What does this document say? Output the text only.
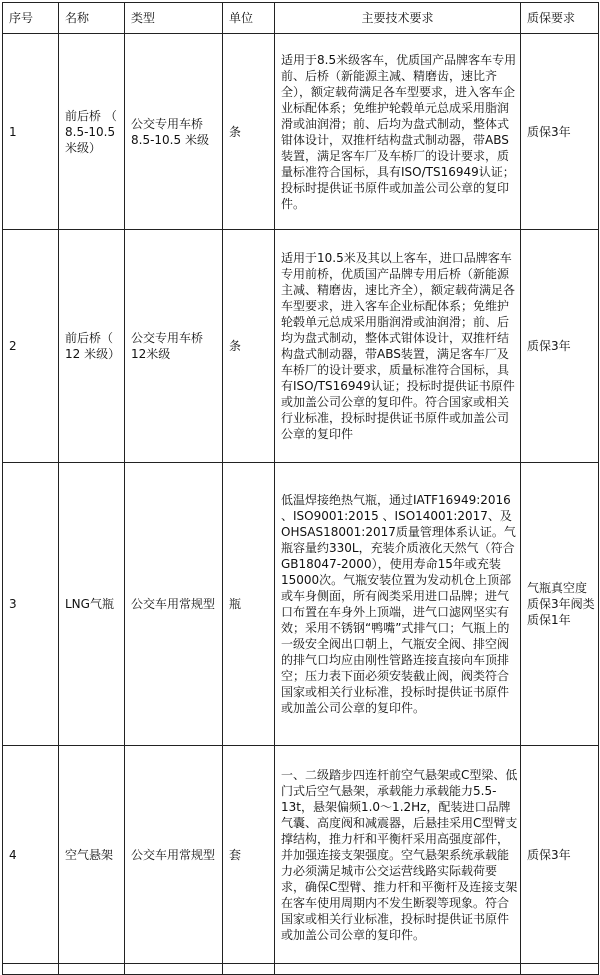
序号	名称	类型	单位	主要技术要求	质保要求
1	前后桥 （ 8.5-10.5 米级）	公交专用车桥 8.5-10.5 米级	条	适用于8.5米级客车，优质国产品牌客车专用前、后桥（新能源主减、精磨齿，速比齐全），额定载荷满足各车型要求，进入客车企业标配体系；免维护轮毂单元总成采用脂润滑或油润滑；前、后均为盘式制动，整体式钳体设计，双推杆结构盘式制动器，带ABS装置，满足客车厂及车桥厂的设计要求，质量标准符合国标，具有ISO/TS16949认证；投标时提供证书原件或加盖公司公章的复印件。	质保3年
2	前后桥（ 12 米级）	公交专用车桥 12米级	条	适用于10.5米及其以上客车，进口品牌客车专用前桥，优质国产品牌专用后桥（新能源主减、精磨齿，速比齐全），额定载荷满足各车型要求，进入客车企业标配体系；免维护轮毂单元总成采用脂润滑或油润滑；前、后均为盘式制动，整体式钳体设计，双推杆结构盘式制动器，带ABS装置，满足客车厂及车桥厂的设计要求，质量标准符合国标，具有ISO/TS16949认证；投标时提供证书原件或加盖公司公章的复印件。符合国家或相关行业标准，投标时提供证书原件或加盖公司公章的复印件	质保3年
3	LNG气瓶	公交车用常规型	瓶	低温焊接绝热气瓶，通过IATF16949:2016 、ISO9001:2015 、ISO14001:2017、及OHSAS18001:2017质量管理体系认证。气瓶容量约330L，充装介质液化天然气（符合GB18047-2000），使用寿命15年或充装15000次。气瓶安装位置为发动机仓上顶部或车身侧面，所有阀类采用进口品牌；进气口布置在车身外上顶端，进气口滤网坚实有效；采用不锈钢“鸭嘴”式排气口；气瓶上的一级安全阀出口朝上，气瓶安全阀、排空阀的排气口均应由刚性管路连接直接向车顶排空；压力表下面必须安装截止阀，阀类符合国家或相关行业标准，投标时提供证书原件或加盖公司公章的复印件。	气瓶真空度质保3年阀类质保1年
4	空气悬架	公交车用常规型	套	一、二级踏步四连杆前空气悬架或C型梁、低门式后空气悬架，承载能力承载能力5.5-13t，悬架偏频1.0～1.2Hz，配装进口品牌气囊、高度阀和减震器，后悬挂采用C型臂支撑结构，推力杆和平衡杆采用高强度部件，并加强连接支架强度。空气悬架系统承载能力必须满足城市公交运营线路实际载荷要求，确保C型臂、推力杆和平衡杆及连接支架在客车使用周期内不发生断裂等现象。符合国家或相关行业标准，投标时提供证书原件或加盖公司公章的复印件。	质保3年
